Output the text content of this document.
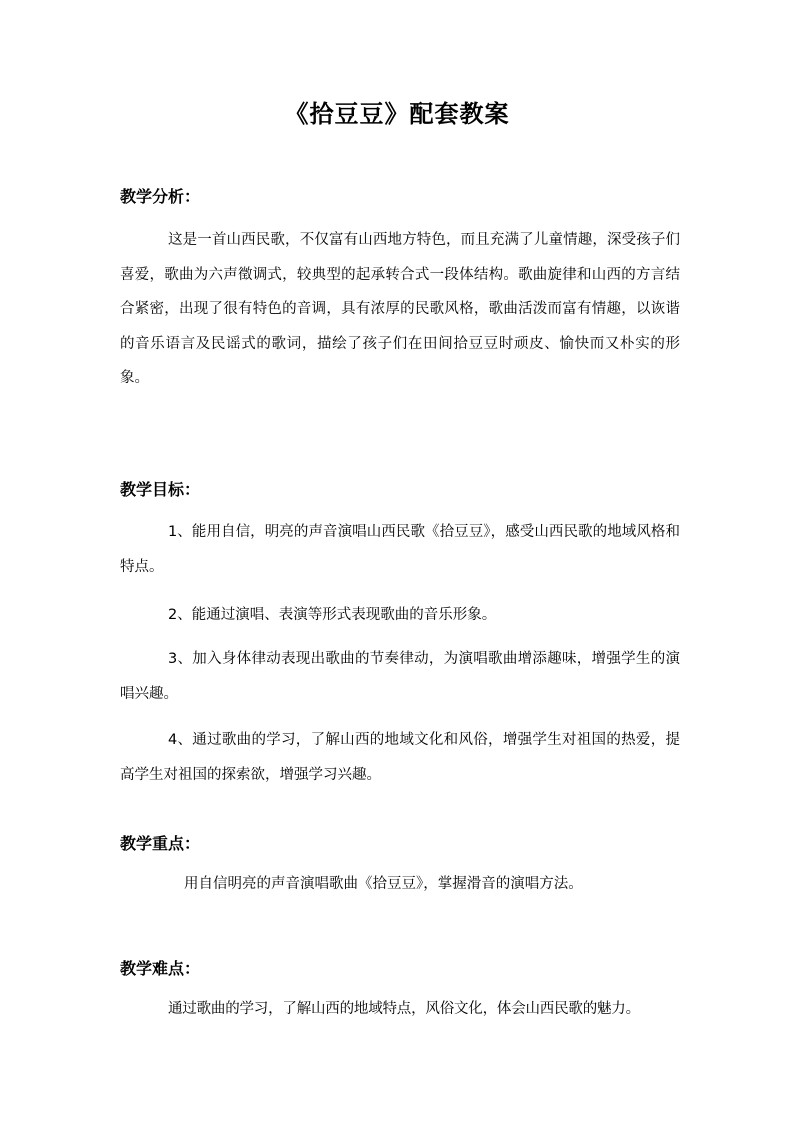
《拾豆豆》配套教案
教学分析：
这是一首山西民歌，不仅富有山西地方特色，而且充满了儿童情趣，深受孩子们喜爱，歌曲为六声徵调式，较典型的起承转合式一段体结构。歌曲旋律和山西的方言结合紧密，出现了很有特色的音调，具有浓厚的民歌风格，歌曲活泼而富有情趣，以诙谐的音乐语言及民谣式的歌词，描绘了孩子们在田间拾豆豆时顽皮、愉快而又朴实的形象。
教学目标：
1、能用自信，明亮的声音演唱山西民歌《拾豆豆》，感受山西民歌的地域风格和特点。
2、能通过演唱、表演等形式表现歌曲的音乐形象。
3、加入身体律动表现出歌曲的节奏律动，为演唱歌曲增添趣味，增强学生的演唱兴趣。
4、通过歌曲的学习，了解山西的地域文化和风俗，增强学生对祖国的热爱，提高学生对祖国的探索欲，增强学习兴趣。
教学重点：
用自信明亮的声音演唱歌曲《拾豆豆》，掌握滑音的演唱方法。
教学难点：
通过歌曲的学习，了解山西的地域特点，风俗文化，体会山西民歌的魅力。
